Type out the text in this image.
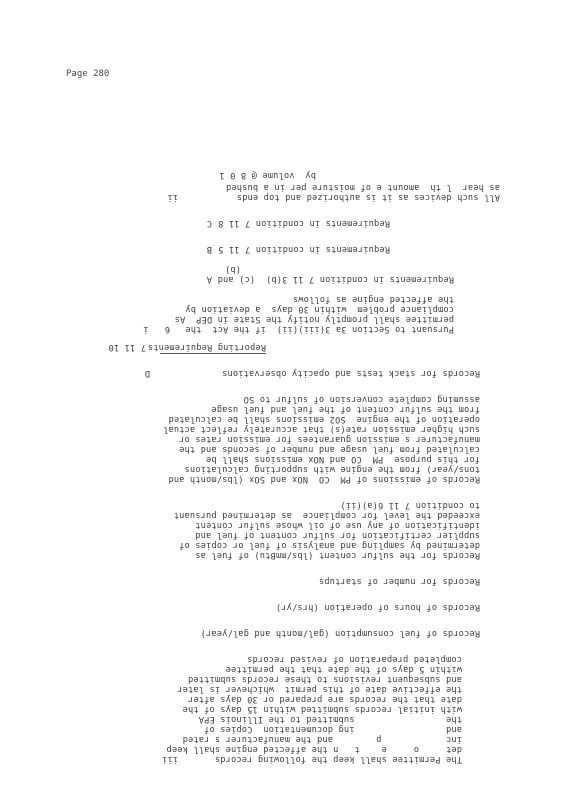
Page 280
The Permittee shall keep the following records
iii
det     o     e    t   n the affected engine shall keep
inc            p        and the manufacturer s rated
and                 ing documentation  Copies of
the                 submitted to the Illinois EPA
with initial records submitted within 15 days of the
date that the records are prepared or 30 days after
the effective date of this permit  whichever is later
and subsequent revisions to these records submitted
within 5 days of the date that the permittee
completed preparation of revised records
Records of fuel consumption (gal/month and gal/year)
Records of hours of operation (hrs/yr)
Records for number of startups
Records for the sulfur content (lbs/mmBtu) of fuel as
determined by sampling and analysis of fuel or copies of
supplier certification for sulfur content of fuel and
identification of any use of oil whose sulfur content
exceeded the level for compliance  as determined pursuant
to condition 7 11 6(a)(ii)
Records of emissions of PM  CO  NOx and SOx (lbs/month and
tons/year) from the engine with supporting calculations
for this purpose  PM  CO and NOx emissions shall be
calculated from fuel usage and number of seconds and the
manufacturer s emission guarantees for emission rates or
such higher emission rate(s) that accurately reflect actual
operation of the engine  SO2 emissions shall be calculated
from the sulfur content of the fuel and fuel usage
assuming complete conversion of sulfur to SO
Records for stack tests and opacity observations
D
Reporting Requirements
7 11 10
Pursuant to Section 3a 3(iii)(ii)  if the Act  the
6   i
permittee shall promptly notify the State in DEP  As
compliance problem  within 30 days  a deviation by
the affected engine as follows
Requirements in condition 7 11 3(b)  (c) and
A
(b)
Requirements in condition 7 11 5
B
Requirements in condition 7 11 8
C
All such devices as it is authorized and top ends
ii
as hear  l th  amount e of moisture per in a bushed
by  volume @ 8 0 1
